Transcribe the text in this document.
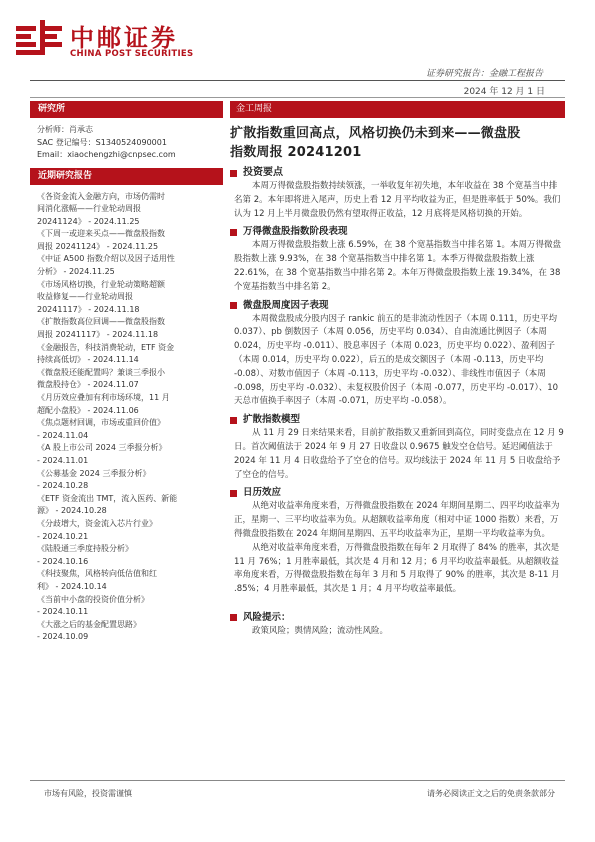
中邮证券
CHINA POST SECURITIES
证券研究报告：金融工程报告
2024 年 12 月 1 日
研究所
分析师：肖承志
SAC 登记编号：S1340524090001
Email：xiaochengzhi@cnpsec.com
近期研究报告
《各资金流入金融方向，市场仍需时
间消化涨幅——行业轮动周报
20241124》 - 2024.11.25
《下周一或迎来买点——微盘股指数
周报 20241124》 - 2024.11.25
《中证 A500 指数介绍以及因子适用性
分析》 - 2024.11.25
《市场风格切换，行业轮动策略超额
收益修复——行业轮动周报
20241117》 - 2024.11.18
《扩散指数高位回调——微盘股指数
周报 20241117》 - 2024.11.18
《金融报告，科技消费轮动，ETF 资金
持续高低切》 - 2024.11.14
《微盘股还能配置吗？兼谈三季报小
微盘股持仓》 - 2024.11.07
《月历效应叠加有利市场环境，11 月
超配小盘股》 - 2024.11.06
《焦点题材回调，市场或重回价值》
- 2024.11.04
《A 股上市公司 2024 三季报分析》
- 2024.11.01
《公募基金 2024 三季报分析》
- 2024.10.28
《ETF 资金流出 TMT，流入医药、新能
源》 - 2024.10.28
《分歧增大，资金流入芯片行业》
- 2024.10.21
《陆股通三季度持股分析》
- 2024.10.16
《科技聚焦，风格转向低估值和红
利》 - 2024.10.14
《当前中小盘的投资价值分析》
- 2024.10.11
《大涨之后的基金配置思路》
- 2024.10.09
金工周报
扩散指数重回高点，风格切换仍未到来——微盘股
指数周报 20241201
投资要点
本周万得微盘股指数持续领涨，一举收复年初失地，本年收益在 38 个宽基当中排名第 2。本年即将进入尾声，历史上看 12 月平均收益为正，但是胜率低于 50%。我们认为 12 月上半月微盘股仍然有望取得正收益，12 月底将是风格切换的开始。
万得微盘股指数阶段表现
本周万得微盘股指数上涨 6.59%，在 38 个宽基指数当中排名第 1。本周万得微盘股指数上涨 9.93%，在 38 个宽基指数当中排名第 1。本季万得微盘股指数上涨 22.61%，在 38 个宽基指数当中排名第 2。本年万得微盘股指数上涨 19.34%，在 38 个宽基指数当中排名第 2。
微盘股周度因子表现
本周微盘股成分股内因子 rankic 前五的是非流动性因子（本周 0.111，历史平均 0.037）、pb 倒数因子（本周 0.056，历史平均 0.034）、自由流通比例因子（本周 0.024，历史平均 -0.011）、股息率因子（本周 0.023，历史平均 0.022）、盈利因子（本周 0.014，历史平均 0.022），后五的是成交额因子（本周 -0.113，历史平均 -0.08）、对数市值因子（本周 -0.113，历史平均 -0.032）、非线性市值因子（本周 -0.098，历史平均 -0.032）、未复权股价因子（本周 -0.077，历史平均 -0.017）、10 天总市值换手率因子（本周 -0.071，历史平均 -0.058）。
扩散指数模型
从 11 月 29 日来结果来看，目前扩散指数又重新回到高位，同时变盘点在 12 月 9 日。首次阈值法于 2024 年 9 月 27 日收盘以 0.9675 触发空仓信号。延迟阈值法于 2024 年 11 月 4 日收盘给予了空仓的信号。双均线法于 2024 年 11 月 5 日收盘给予了空仓的信号。
日历效应
从绝对收益率角度来看，万得微盘股指数在 2024 年期间星期二、四平均收益率为正，星期一、三平均收益率为负。从超额收益率角度（相对中证 1000 指数）来看，万得微盘股指数在 2024 年期间星期四、五平均收益率为正，星期一平均收益率为负。
从绝对收益率角度来看，万得微盘股指数在每年 2 月取得了 84% 的胜率，其次是 11 月 76%；1 月胜率最低，其次是 4 月和 12 月；6 月平均收益率最低。从超额收益率角度来看，万得微盘股指数在每年 3 月和 5 月取得了 90% 的胜率，其次是 8-11 月 .85%；4 月胜率最低，其次是 1 月；4 月平均收益率最低。
风险提示：
政策风险；舆情风险；流动性风险。
市场有风险，投资需谨慎	请务必阅读正文之后的免责条款部分
